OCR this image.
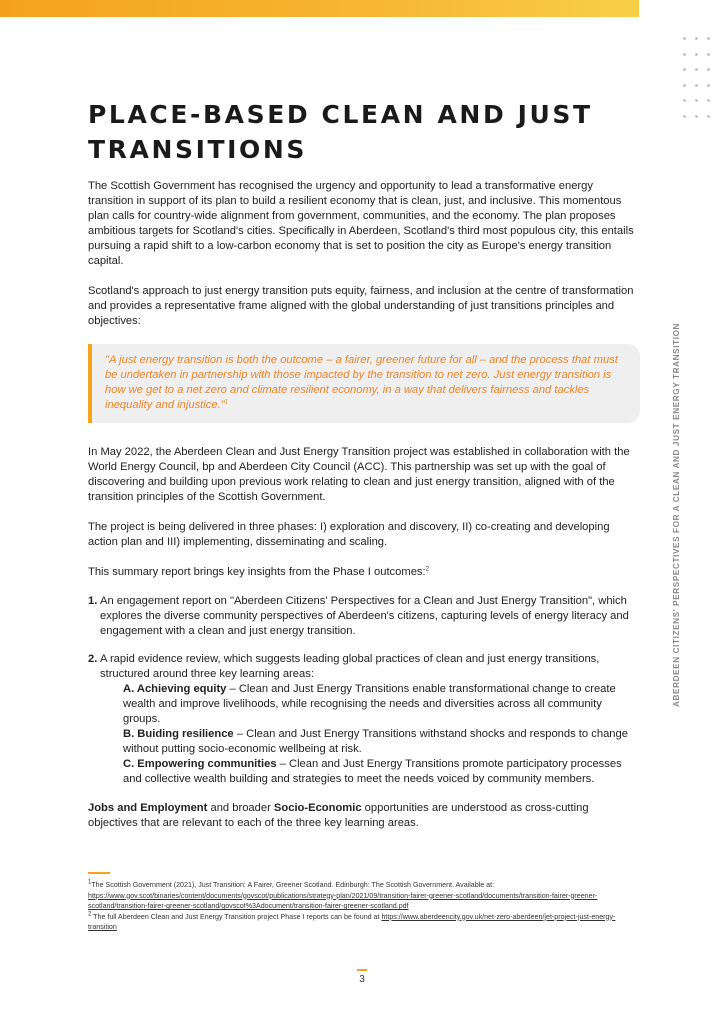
ABERDEEN CITIZENS' PERSPECTIVES FOR A CLEAN AND JUST ENERGY TRANSITION
PLACE-BASED CLEAN AND JUST
TRANSITIONS

The Scottish Government has recognised the urgency and opportunity to lead a transformative energy transition in support of its plan to build a resilient economy that is clean, just, and inclusive. This momentous plan calls for country-wide alignment from government, communities, and the economy. The plan proposes ambitious targets for Scotland's cities. Specifically in Aberdeen, Scotland's third most populous city, this entails pursuing a rapid shift to a low-carbon economy that is set to position the city as Europe's energy transition capital.

Scotland's approach to just energy transition puts equity, fairness, and inclusion at the centre of transformation and provides a representative frame aligned with the global understanding of just transitions principles and objectives:

"A just energy transition is both the outcome – a fairer, greener future for all – and the process that must be undertaken in partnership with those impacted by the transition to net zero. Just energy transition is how we get to a net zero and climate resilient economy, in a way that delivers fairness and tackles inequality and injustice."$^1$

In May 2022, the Aberdeen Clean and Just Energy Transition project was established in collaboration with the World Energy Council, bp and Aberdeen City Council (ACC). This partnership was set up with the goal of discovering and building upon previous work relating to clean and just energy transition, aligned with of the transition principles of the Scottish Government.

The project is being delivered in three phases: I) exploration and discovery, II) co-creating and developing action plan and III) implementing, disseminating and scaling.

This summary report brings key insights from the Phase I outcomes:$^2$

1. An engagement report on "Aberdeen Citizens' Perspectives for a Clean and Just Energy Transition", which explores the diverse community perspectives of Aberdeen's citizens, capturing levels of energy literacy and engagement with a clean and just energy transition.
2. A rapid evidence review, which suggests leading global practices of clean and just energy transitions, structured around three key learning areas:
A. Achieving equity – Clean and Just Energy Transitions enable transformational change to create wealth and improve livelihoods, while recognising the needs and diversities across all community groups.
B. Buiding resilience – Clean and Just Energy Transitions withstand shocks and responds to change without putting socio-economic wellbeing at risk.
C. Empowering communities – Clean and Just Energy Transitions promote participatory processes and collective wealth building and strategies to meet the needs voiced by community members.

Jobs and Employment and broader Socio-Economic opportunities are understood as cross-cutting objectives that are relevant to each of the three key learning areas.

$^1$The Scottish Government (2021), Just Transition: A Fairer, Greener Scotland. Edinburgh: The Scottish Government. Available at: https://www.gov.scot/binaries/content/documents/govscot/publications/strategy-plan/2021/09/transition-fairer-greener-scotland/documents/transition-fairer-greener-scotland/transition-fairer-greener-scotland/govscot%3Adocument/transition-fairer-greener-scotland.pdf

$^2$ The full Aberdeen Clean and Just Energy Transition project Phase I reports can be found at https://www.aberdeencity.gov.uk/net-zero-aberdeen/jet-project-just-energy-transition

3
